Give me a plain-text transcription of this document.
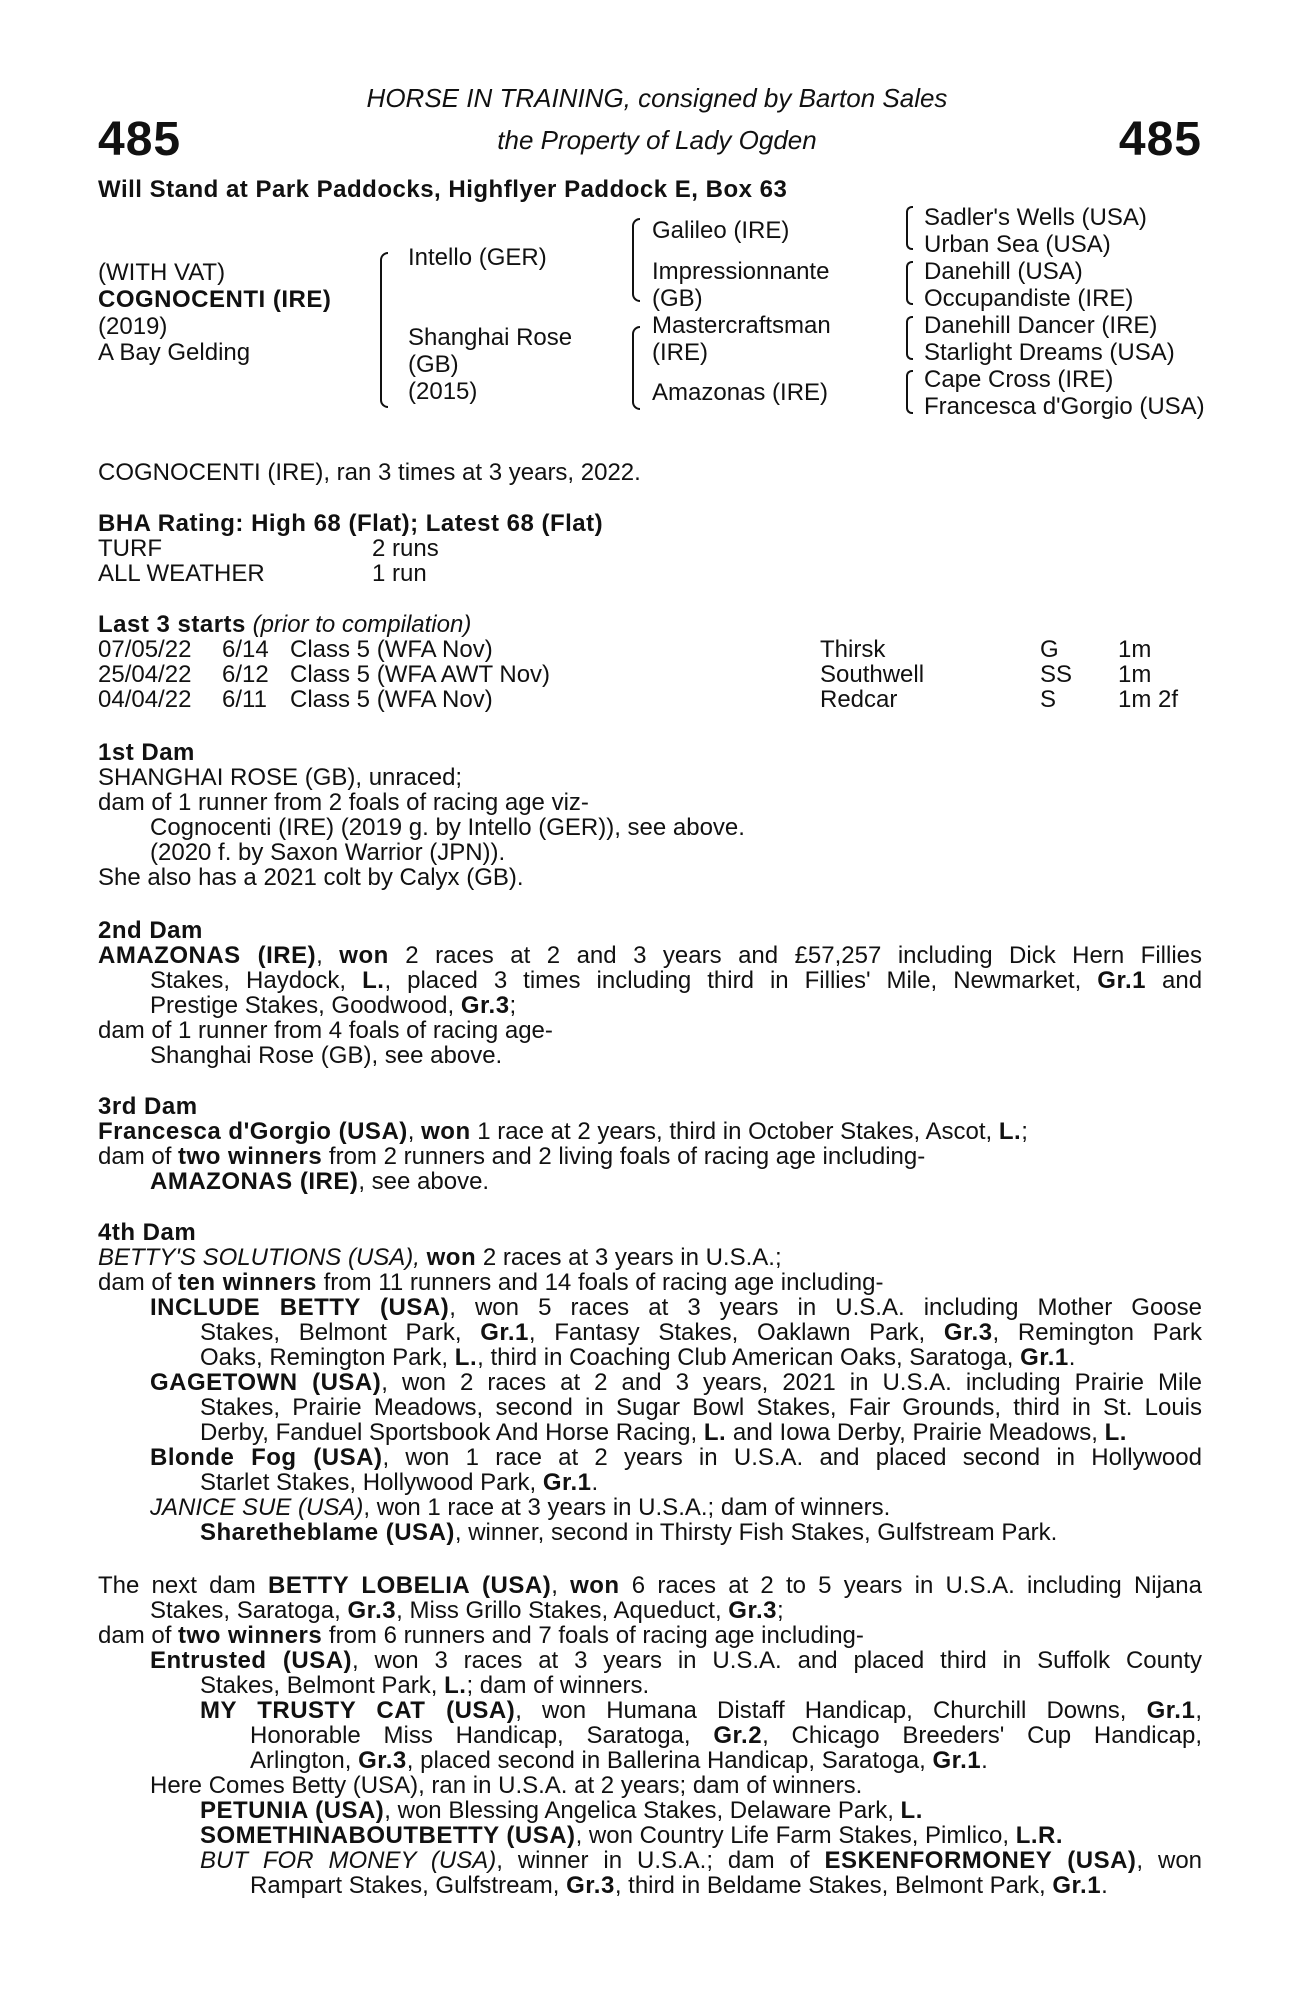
485	485
HORSE IN TRAINING, consigned by Barton Sales
the Property of Lady Ogden
Will Stand at Park Paddocks, Highflyer Paddock E, Box 63
(WITH VAT)
COGNOCENTI (IRE)
(2019)
A Bay Gelding
Intello (GER)
Shanghai Rose
(GB)
(2015)
Galileo (IRE)
Impressionnante
(GB)
Mastercraftsman
(IRE)
Amazonas (IRE)
Sadler's Wells (USA)
Urban Sea (USA)
Danehill (USA)
Occupandiste (IRE)
Danehill Dancer (IRE)
Starlight Dreams (USA)
Cape Cross (IRE)
Francesca d'Gorgio (USA)
COGNOCENTI (IRE), ran 3 times at 3 years, 2022.
BHA Rating: High 68 (Flat); Latest 68 (Flat)
TURF	2 runs
ALL WEATHER	1 run
Last 3 starts (prior to compilation)
07/05/22 6/14 Class 5 (WFA Nov)	Thirsk	G 1m
25/04/22 6/12 Class 5 (WFA AWT Nov)	Southwell	SS 1m
04/04/22 6/11 Class 5 (WFA Nov)	Redcar	S	1m 2f
1st Dam
SHANGHAI ROSE (GB), unraced;
dam of 1 runner from 2 foals of racing age viz-
Cognocenti (IRE) (2019 g. by Intello (GER)), see above.
(2020 f. by Saxon Warrior (JPN)).
She also has a 2021 colt by Calyx (GB).
2nd Dam
AMAZONAS (IRE), won 2 races at 2 and 3 years and £57,257 including Dick Hern Fillies
Stakes, Haydock, L., placed 3 times including third in Fillies' Mile, Newmarket, Gr.1 and
Prestige Stakes, Goodwood, Gr.3;
dam of 1 runner from 4 foals of racing age-
Shanghai Rose (GB), see above.
3rd Dam
Francesca d'Gorgio (USA), won 1 race at 2 years, third in October Stakes, Ascot, L.;
dam of two winners from 2 runners and 2 living foals of racing age including-
AMAZONAS (IRE), see above.
4th Dam
BETTY'S SOLUTIONS (USA), won 2 races at 3 years in U.S.A.;
dam of ten winners from 11 runners and 14 foals of racing age including-
INCLUDE BETTY (USA), won 5 races at 3 years in U.S.A. including Mother Goose
Stakes, Belmont Park, Gr.1, Fantasy Stakes, Oaklawn Park, Gr.3, Remington Park
Oaks, Remington Park, L., third in Coaching Club American Oaks, Saratoga, Gr.1.
GAGETOWN (USA), won 2 races at 2 and 3 years, 2021 in U.S.A. including Prairie Mile
Stakes, Prairie Meadows, second in Sugar Bowl Stakes, Fair Grounds, third in St. Louis
Derby, Fanduel Sportsbook And Horse Racing, L. and Iowa Derby, Prairie Meadows, L.
Blonde Fog (USA), won 1 race at 2 years in U.S.A. and placed second in Hollywood
Starlet Stakes, Hollywood Park, Gr.1.
JANICE SUE (USA), won 1 race at 3 years in U.S.A.; dam of winners.
Sharetheblame (USA), winner, second in Thirsty Fish Stakes, Gulfstream Park.
The next dam BETTY LOBELIA (USA), won 6 races at 2 to 5 years in U.S.A. including Nijana
Stakes, Saratoga, Gr.3, Miss Grillo Stakes, Aqueduct, Gr.3;
dam of two winners from 6 runners and 7 foals of racing age including-
Entrusted (USA), won 3 races at 3 years in U.S.A. and placed third in Suffolk County
Stakes, Belmont Park, L.; dam of winners.
MY TRUSTY CAT (USA), won Humana Distaff Handicap, Churchill Downs, Gr.1,
Honorable Miss Handicap, Saratoga, Gr.2, Chicago Breeders' Cup Handicap,
Arlington, Gr.3, placed second in Ballerina Handicap, Saratoga, Gr.1.
Here Comes Betty (USA), ran in U.S.A. at 2 years; dam of winners.
PETUNIA (USA), won Blessing Angelica Stakes, Delaware Park, L.
SOMETHINABOUTBETTY (USA), won Country Life Farm Stakes, Pimlico, L.R.
BUT FOR MONEY (USA), winner in U.S.A.; dam of ESKENFORMONEY (USA), won
Rampart Stakes, Gulfstream, Gr.3, third in Beldame Stakes, Belmont Park, Gr.1.
